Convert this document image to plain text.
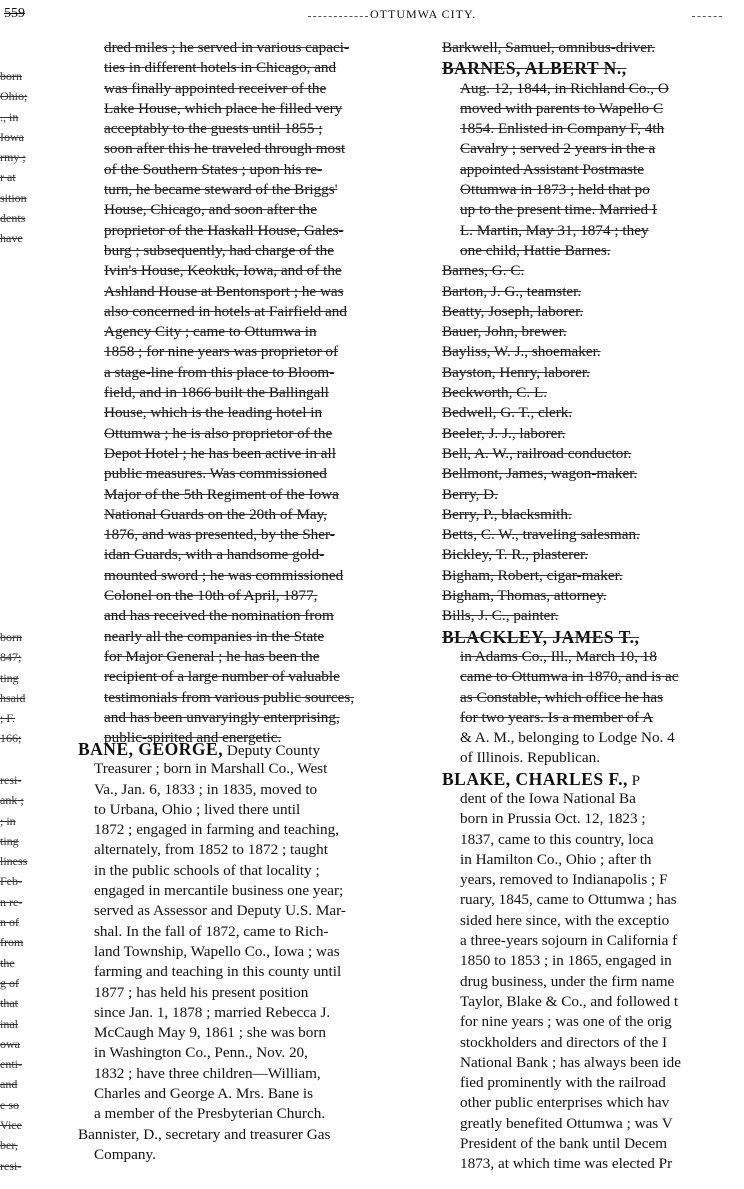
559	OTTUMWA CITY.
born
Ohio;
., in
Iowa
rmy ;
r at
sition
dents
have
born
847;
ting
hsaid
; F.
166;
resi-
ank ;
; in
ting
liness
Feb-
n re-
n of
from
the
g of
that
inal
owa
enti-
and
e so
Vice
ber,
resi-
dred miles ; he served in various capaci-
ties in different hotels in Chicago, and
was finally appointed receiver of the
Lake House, which place he filled very
acceptably to the guests until 1855 ;
soon after this he traveled through most
of the Southern States ; upon his re-
turn, he became steward of the Briggs'
House, Chicago, and soon after the
proprietor of the Haskall House, Gales-
burg ; subsequently, had charge of the
Ivin's House, Keokuk, Iowa, and of the
Ashland House at Bentonsport ; he was
also concerned in hotels at Fairfield and
Agency City ; came to Ottumwa in
1858 ; for nine years was proprietor of
a stage-line from this place to Bloom-
field, and in 1866 built the Ballingall
House, which is the leading hotel in
Ottumwa ; he is also proprietor of the
Depot Hotel ; he has been active in all
public measures. Was commissioned
Major of the 5th Regiment of the Iowa
National Guards on the 20th of May,
1876, and was presented, by the Sher-
idan Guards, with a handsome gold-
mounted sword ; he was commissioned
Colonel on the 10th of April, 1877,
and has received the nomination from
nearly all the companies in the State
for Major General ; he has been the
recipient of a large number of valuable
testimonials from various public sources,
and has been unvaryingly enterprising,
public-spirited and energetic.
BANE, GEORGE, Deputy County
Treasurer ; born in Marshall Co., West
Va., Jan. 6, 1833 ; in 1835, moved to
to Urbana, Ohio ; lived there until
1872 ; engaged in farming and teaching,
alternately, from 1852 to 1872 ; taught
in the public schools of that locality ;
engaged in mercantile business one year;
served as Assessor and Deputy U.S. Mar-
shal. In the fall of 1872, came to Rich-
land Township, Wapello Co., Iowa ; was
farming and teaching in this county until
1877 ; has held his present position
since Jan. 1, 1878 ; married Rebecca J.
McCaugh May 9, 1861 ; she was born
in Washington Co., Penn., Nov. 20,
1832 ; have three children—William,
Charles and George A. Mrs. Bane is
a member of the Presbyterian Church.
Bannister, D., secretary and treasurer Gas
Company.
Barkwell, Samuel, omnibus-driver.
BARNES, ALBERT N.,
Aug. 12, 1844, in Richland Co., O
moved with parents to Wapello C
1854. Enlisted in Company F, 4th
Cavalry ; served 2 years in the a
appointed Assistant Postmaste
Ottumwa in 1873 ; held that po
up to the present time. Married I
L. Martin, May 31, 1874 ; they
one child, Hattie Barnes.
Barnes, G. C.
Barton, J. G., teamster.
Beatty, Joseph, laborer.
Bauer, John, brewer.
Bayliss, W. J., shoemaker.
Bayston, Henry, laborer.
Beckworth, C. L.
Bedwell, G. T., clerk.
Beeler, J. J., laborer.
Bell, A. W., railroad conductor.
Bellmont, James, wagon-maker.
Berry, D.
Berry, P., blacksmith.
Betts, C. W., traveling salesman.
Bickley, T. R., plasterer.
Bigham, Robert, cigar-maker.
Bigham, Thomas, attorney.
Bills, J. C., painter.
BLACKLEY, JAMES T.,
in Adams Co., Ill., March 10, 18
came to Ottumwa in 1870, and is ac
as Constable, which office he has
for two years. Is a member of A
& A. M., belonging to Lodge No. 4
of Illinois. Republican.
BLAKE, CHARLES F., P
dent of the Iowa National Ba
born in Prussia Oct. 12, 1823 ;
1837, came to this country, loca
in Hamilton Co., Ohio ; after th
years, removed to Indianapolis ; F
ruary, 1845, came to Ottumwa ; has
sided here since, with the exceptio
a three-years sojourn in California f
1850 to 1853 ; in 1865, engaged in
drug business, under the firm name
Taylor, Blake & Co., and followed t
for nine years ; was one of the orig
stockholders and directors of the I
National Bank ; has always been ide
fied prominently with the railroad
other public enterprises which hav
greatly benefited Ottumwa ; was V
President of the bank until Decem
1873, at which time was elected Pr
